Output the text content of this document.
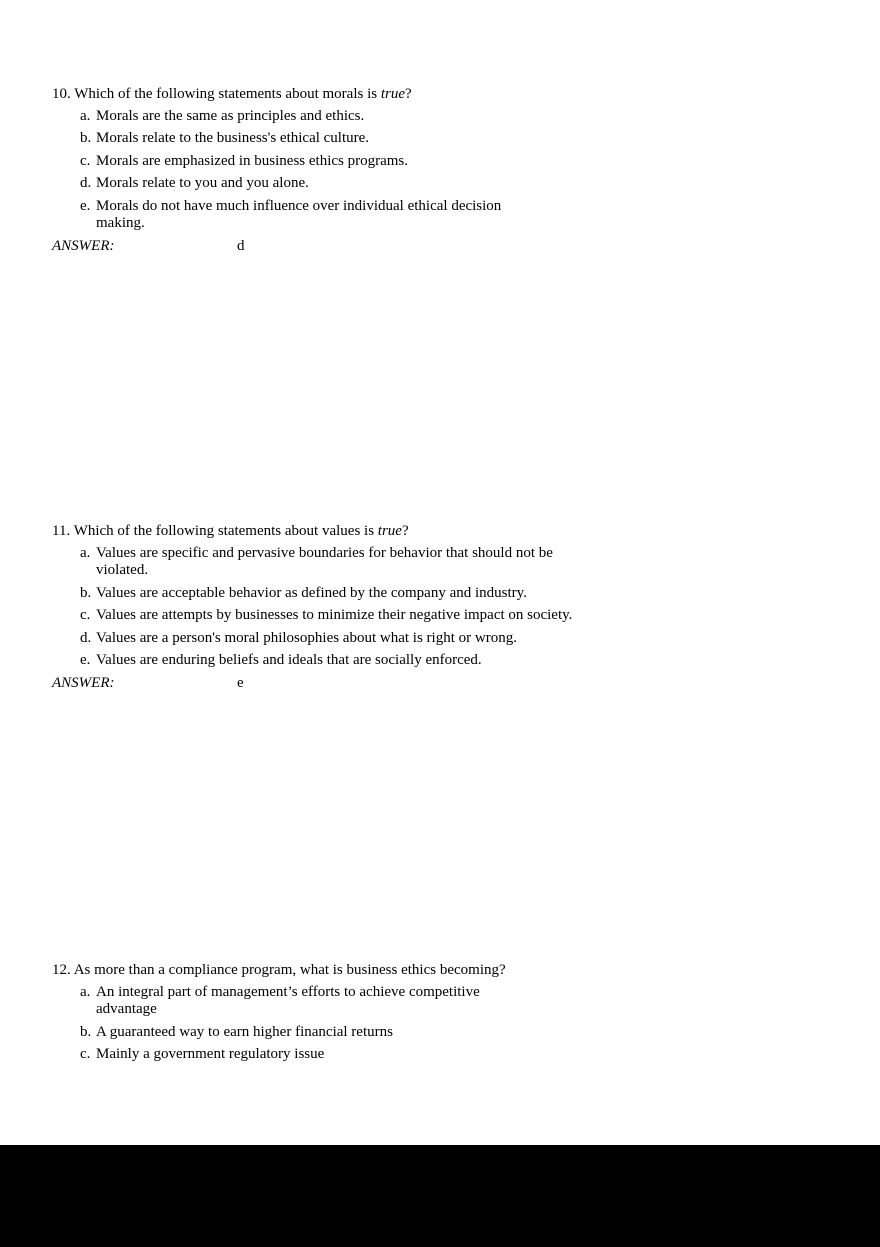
10. Which of the following statements about morals is true?
a. Morals are the same as principles and ethics.
b. Morals relate to the business's ethical culture.
c. Morals are emphasized in business ethics programs.
d. Morals relate to you and you alone.
e. Morals do not have much influence over individual ethical decision
making.
ANSWER:	d
11. Which of the following statements about values is true?
a. Values are specific and pervasive boundaries for behavior that should not be
violated.
b. Values are acceptable behavior as defined by the company and industry.
c. Values are attempts by businesses to minimize their negative impact on society.
d. Values are a person's moral philosophies about what is right or wrong.
e. Values are enduring beliefs and ideals that are socially enforced.
ANSWER:	e
12. As more than a compliance program, what is business ethics becoming?
a. An integral part of management’s efforts to achieve competitive
advantage
b. A guaranteed way to earn higher financial returns
c. Mainly a government regulatory issue
